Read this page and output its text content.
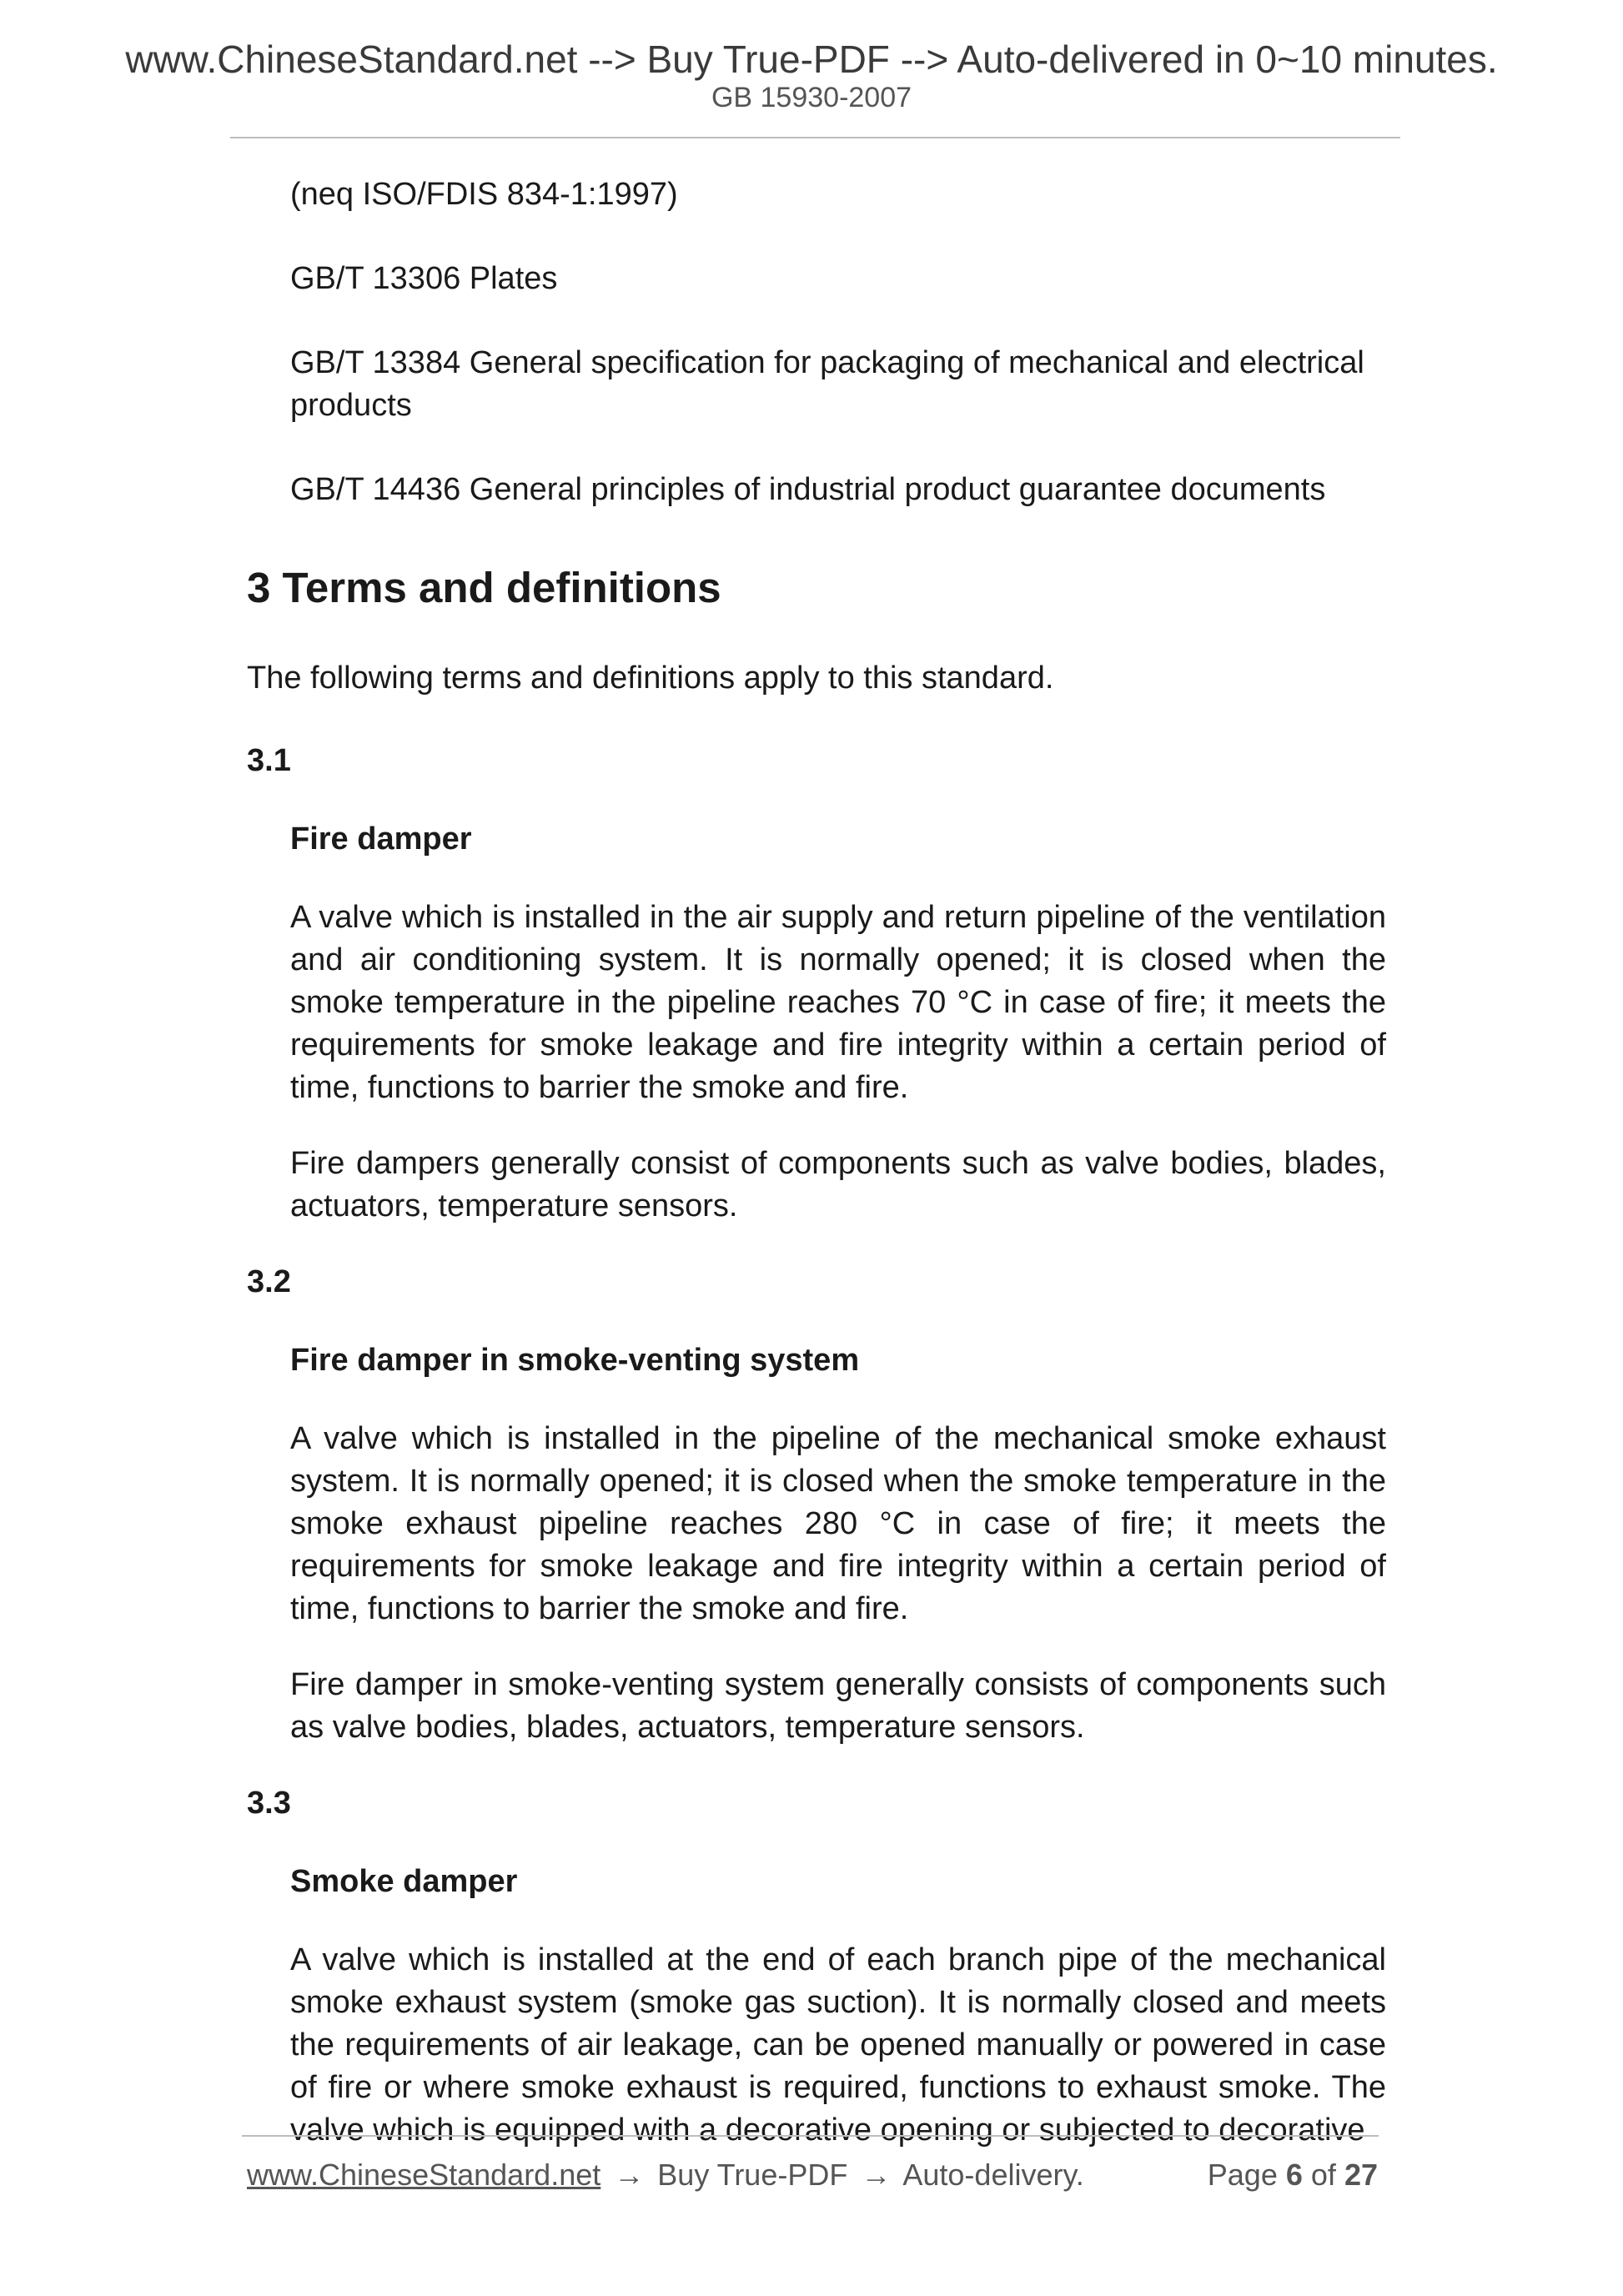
www.ChineseStandard.net --> Buy True-PDF --> Auto-delivered in 0~10 minutes.
GB 15930-2007

(neq ISO/FDIS 834-1:1997)

GB/T 13306 Plates

GB/T 13384 General specification for packaging of mechanical and electrical products

GB/T 14436 General principles of industrial product guarantee documents

3 Terms and definitions

The following terms and definitions apply to this standard.

3.1
Fire damper

A valve which is installed in the air supply and return pipeline of the ventilation and air conditioning system. It is normally opened; it is closed when the smoke temperature in the pipeline reaches 70 °C in case of fire; it meets the requirements for smoke leakage and fire integrity within a certain period of time, functions to barrier the smoke and fire.

Fire dampers generally consist of components such as valve bodies, blades, actuators, temperature sensors.

3.2
Fire damper in smoke-venting system

A valve which is installed in the pipeline of the mechanical smoke exhaust system. It is normally opened; it is closed when the smoke temperature in the smoke exhaust pipeline reaches 280 °C in case of fire; it meets the requirements for smoke leakage and fire integrity within a certain period of time, functions to barrier the smoke and fire.

Fire damper in smoke-venting system generally consists of components such as valve bodies, blades, actuators, temperature sensors.

3.3
Smoke damper

A valve which is installed at the end of each branch pipe of the mechanical smoke exhaust system (smoke gas suction). It is normally closed and meets the requirements of air leakage, can be opened manually or powered in case of fire or where smoke exhaust is required, functions to exhaust smoke. The valve which is equipped with a decorative opening or subjected to decorative

www.ChineseStandard.net → Buy True-PDF → Auto-delivery.	Page 6 of 27
